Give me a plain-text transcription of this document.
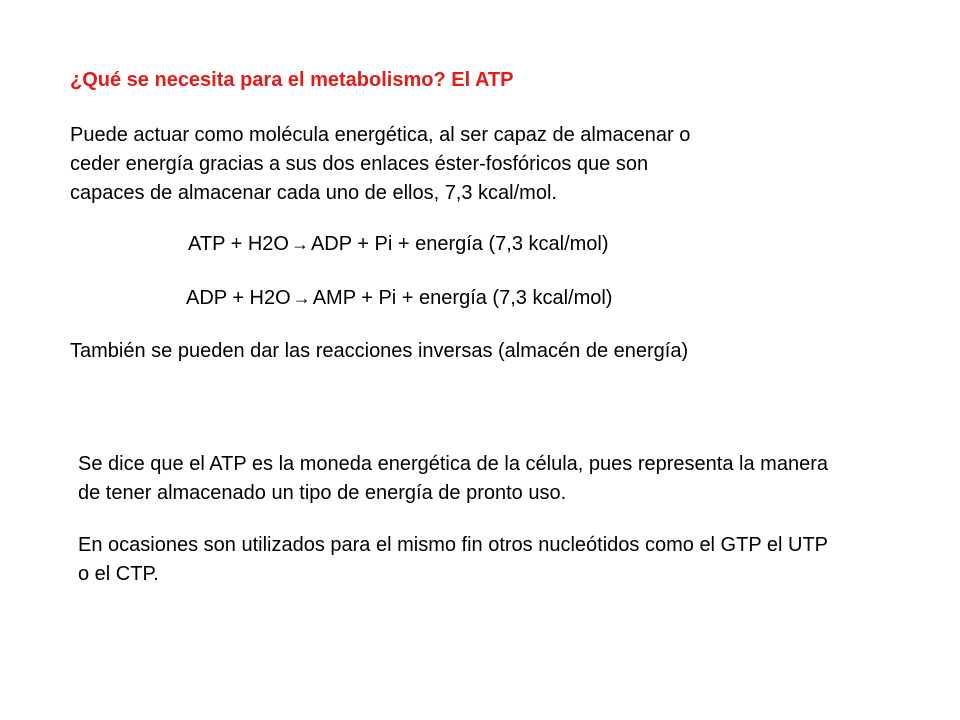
¿Qué se necesita para el metabolismo? El ATP

Puede actuar como molécula energética, al ser capaz de almacenar o

ceder energía gracias a sus dos enlaces éster-fosfóricos que son

capaces de almacenar cada uno de ellos, 7,3 kcal/mol.

ATP + H2O → ADP + Pi + energía (7,3 kcal/mol)

ADP + H2O → AMP + Pi + energía (7,3 kcal/mol)

También se pueden dar las reacciones inversas (almacén de energía)

Se dice que el ATP es la moneda energética de la célula, pues representa la manera de tener almacenado un tipo de energía de pronto uso.

En ocasiones son utilizados para el mismo fin otros nucleótidos como el GTP el UTP o el CTP.
